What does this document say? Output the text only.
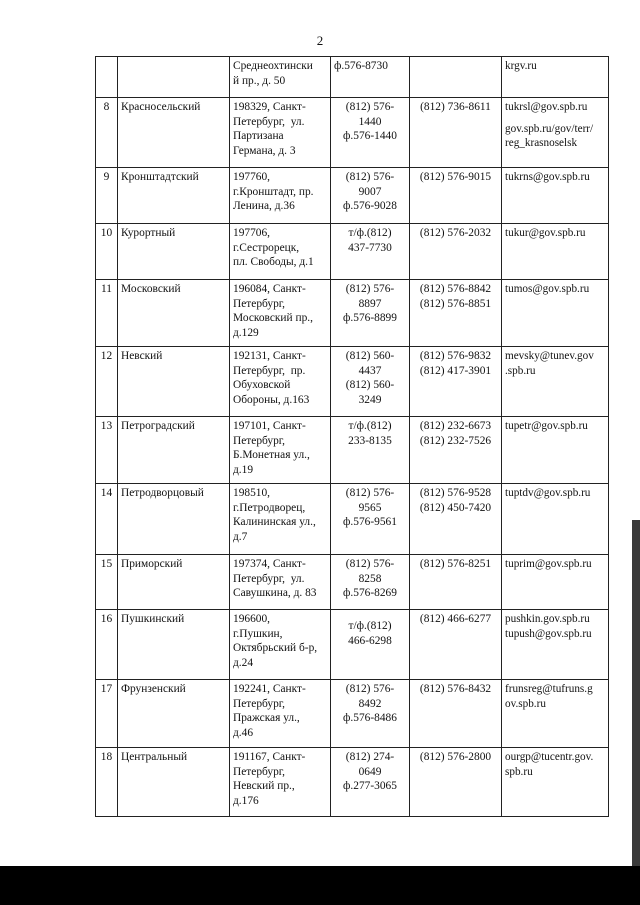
2

		Среднеохтински
й пр., д. 50	ф.576-8730		krgv.ru

8	Красносельский	198329, Санкт-
Петербург,  ул.
Партизана
Германа, д. 3	(812) 576-
1440
ф.576-1440	(812) 736-8611	tukrsl@gov.spb.ru
gov.spb.ru/gov/terr/
reg_krasnoselsk

9	Кронштадтский	197760,
г.Кронштадт, пр.
Ленина, д.36	(812) 576-
9007
ф.576-9028	(812) 576-9015	tukrns@gov.spb.ru

10	Курортный	197706,
г.Сестрорецк,
пл. Свободы, д.1	т/ф.(812)
437-7730	(812) 576-2032	tukur@gov.spb.ru

11	Московский	196084, Санкт-
Петербург,
Московский пр.,
д.129	(812) 576-
8897
ф.576-8899	(812) 576-8842
(812) 576-8851	tumos@gov.spb.ru

12	Невский	192131, Санкт-
Петербург,  пр.
Обуховской
Обороны, д.163	(812) 560-
4437
(812) 560-
3249	(812) 576-9832
(812) 417-3901	mevsky@tunev.gov
.spb.ru

13	Петроградский	197101, Санкт-
Петербург,
Б.Монетная ул.,
д.19	т/ф.(812)
233-8135	(812) 232-6673
(812) 232-7526	tupetr@gov.spb.ru

14	Петродворцовый	198510,
г.Петродворец,
Калининская ул.,
д.7	(812) 576-
9565
ф.576-9561	(812) 576-9528
(812) 450-7420	tuptdv@gov.spb.ru

15	Приморский	197374, Санкт-
Петербург,  ул.
Савушкина, д. 83	(812) 576-
8258
ф.576-8269	(812) 576-8251	tuprim@gov.spb.ru

16	Пушкинский	196600,
г.Пушкин,
Октябрьский б-р,
д.24	т/ф.(812)
466-6298	(812) 466-6277	pushkin.gov.spb.ru
tupush@gov.spb.ru

17	Фрунзенский	192241, Санкт-
Петербург,
Пражская ул.,
д.46	(812) 576-
8492
ф.576-8486	(812) 576-8432	frunsreg@tufruns.g
ov.spb.ru

18	Центральный	191167, Санкт-
Петербург,
Невский пр.,
д.176	(812) 274-
0649
ф.277-3065	(812) 576-2800	ourgp@tucentr.gov.
spb.ru
